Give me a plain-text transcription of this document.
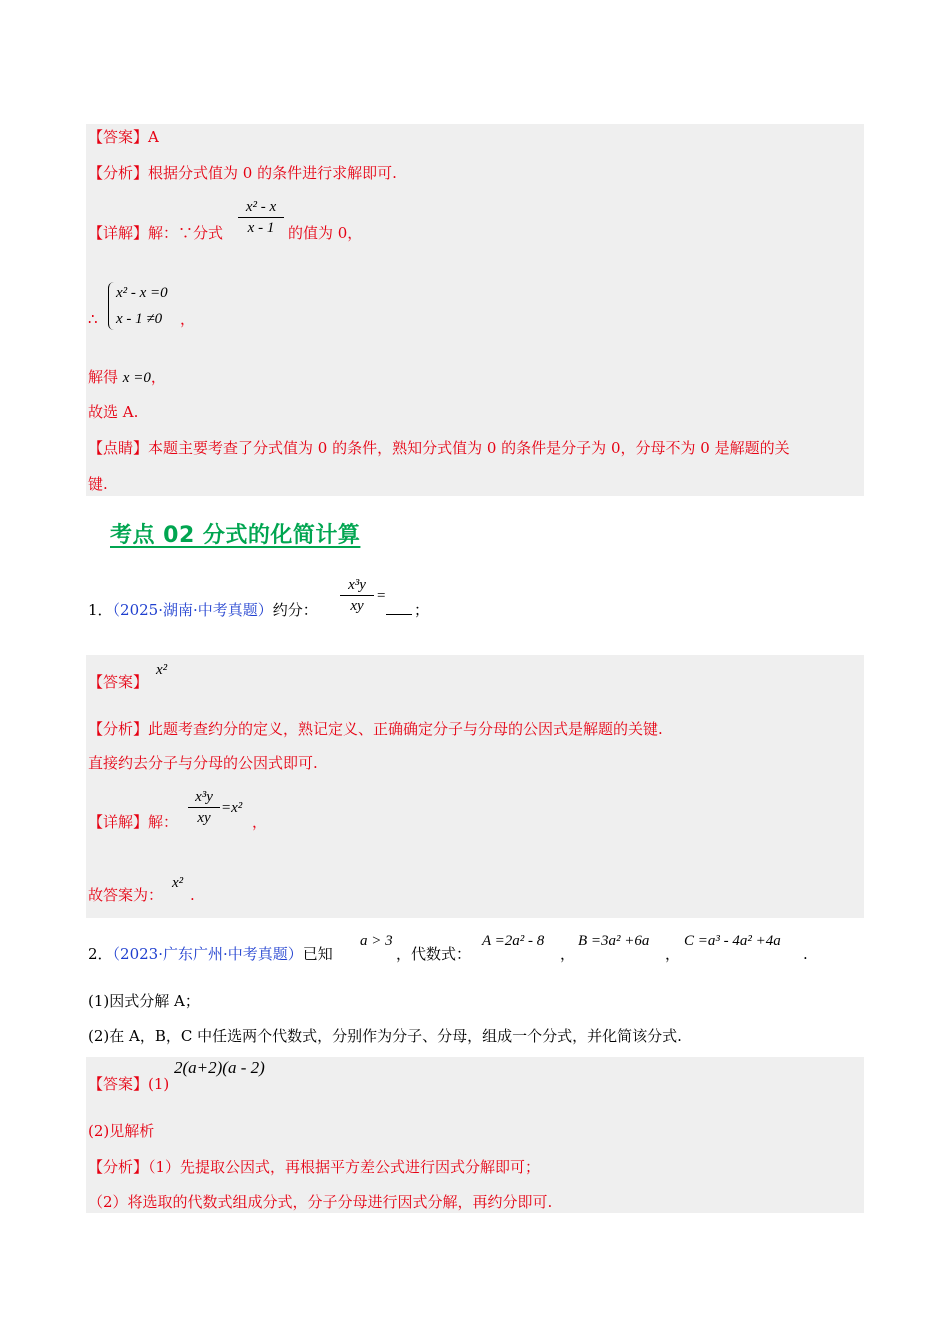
【答案】A
【分析】根据分式值为 0 的条件进行求解即可.
【详解】解：∵分式
x² - x
x - 1 的值为 0，
∴
x² - x =0
x - 1 ≠0 ，
解得 x =0，
故选 A.
【点睛】本题主要考查了分式值为 0 的条件，熟知分式值为 0 的条件是分子为 0，分母不为 0 是解题的关
键.
考点 02 分式的化简计算
1．（2025·湖南·中考真题）约分：
x³y
xy
=
；
【答案】
x²
【分析】此题考查约分的定义，熟记定义、正确确定分子与分母的公因式是解题的关键.
直接约去分子与分母的公因式即可.
【详解】解：
x³y
xy
=x²
，
故答案为：
x²
.
2．（2023·广东广州·中考真题）已知
a > 3
，代数式：
A =2a² - 8
，
B =3a² +6a
，
C =a³ - 4a² +4a
.
(1)因式分解 A；
(2)在 A，B，C 中任选两个代数式，分别作为分子、分母，组成一个分式，并化简该分式.
【答案】(1)
2(a+2)(a - 2)
(2)见解析
【分析】（1）先提取公因式，再根据平方差公式进行因式分解即可；
（2）将选取的代数式组成分式，分子分母进行因式分解，再约分即可.
